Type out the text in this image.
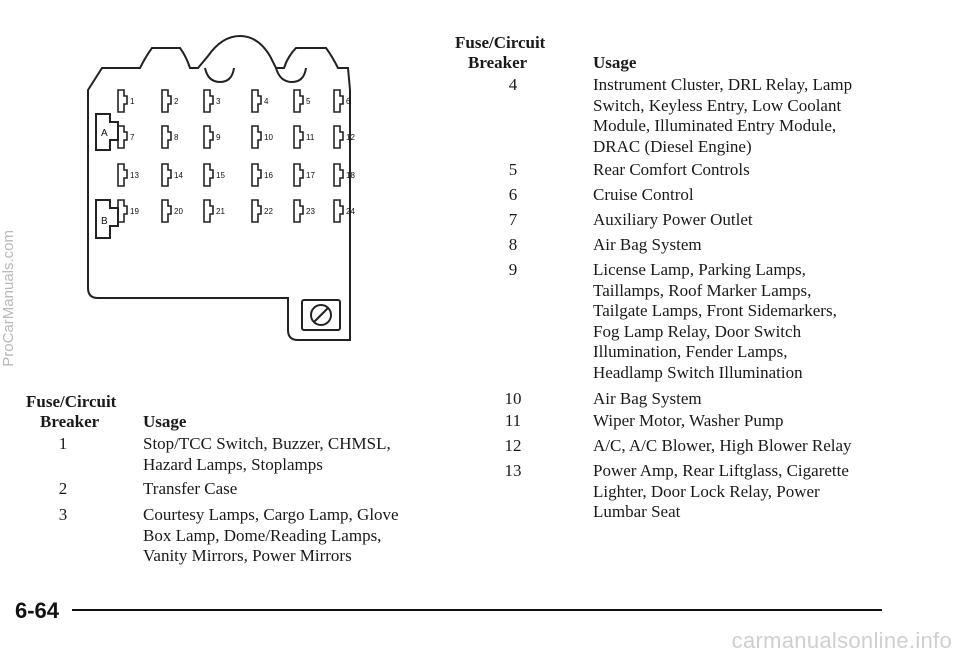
A
B
1	2	3	4	5	6
7	8	9	10	11	12
13	14	15	16	17	18
19	20	21	22	23	24
Fuse/Circuit
Breaker	Usage
1	Stop/TCC Switch, Buzzer, CHMSL,
Hazard Lamps, Stoplamps
2	Transfer Case
3	Courtesy Lamps, Cargo Lamp, Glove
Box Lamp, Dome/Reading Lamps,
Vanity Mirrors, Power Mirrors
Fuse/Circuit
Breaker	Usage
4	Instrument Cluster, DRL Relay, Lamp
Switch, Keyless Entry, Low Coolant
Module, Illuminated Entry Module,
DRAC (Diesel Engine)
5	Rear Comfort Controls
6	Cruise Control
7	Auxiliary Power Outlet
8	Air Bag System
9	License Lamp, Parking Lamps,
Taillamps, Roof Marker Lamps,
Tailgate Lamps, Front Sidemarkers,
Fog Lamp Relay, Door Switch
Illumination, Fender Lamps,
Headlamp Switch Illumination
10	Air Bag System
11	Wiper Motor, Washer Pump
12	A/C, A/C Blower, High Blower Relay
13	Power Amp, Rear Liftglass, Cigarette
Lighter, Door Lock Relay, Power
Lumbar Seat
6-64
ProCarManuals.com
carmanualsonline.info
